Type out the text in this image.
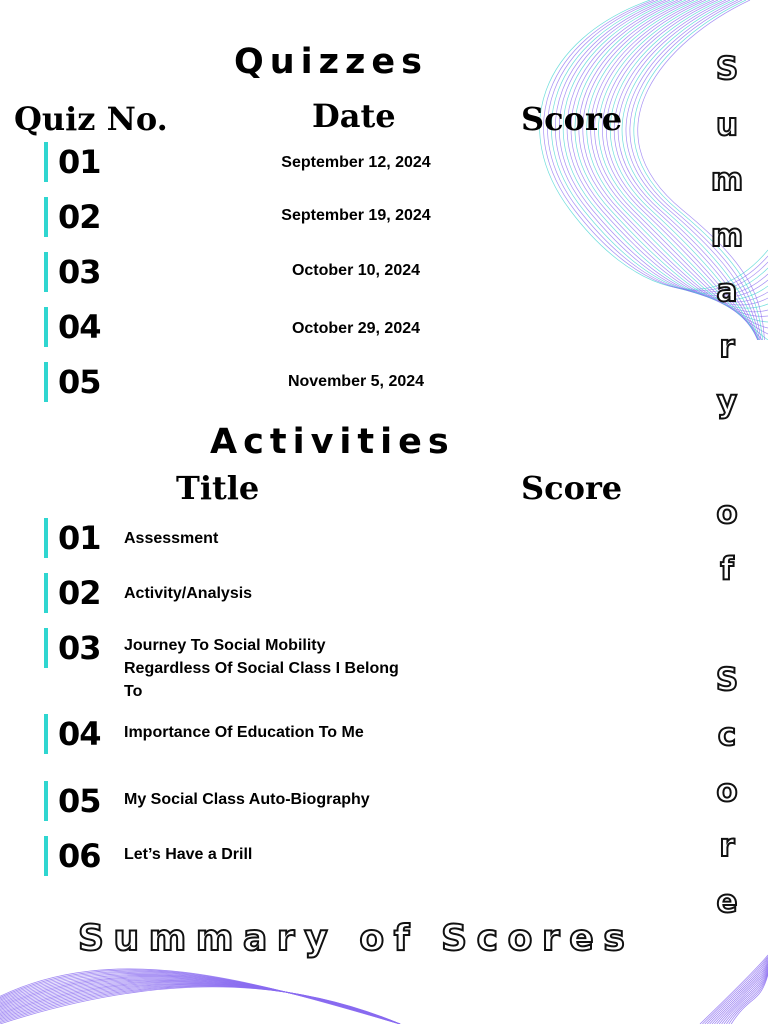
Quizzes
Quiz No.	Date	Score
01	September 12, 2024
02	September 19, 2024
03	October 10, 2024
04	October 29, 2024
05	November 5, 2024
Activities
Title	Score
01 Assessment
02 Activity/Analysis
03 Journey To Social Mobility Regardless Of Social Class I Belong To
04 Importance Of Education To Me
05 My Social Class Auto-Biography
06 Let’s Have a Drill
S
u
m
m
a
r
y

o
f

S
c
o
r
e
Summary of Scores
